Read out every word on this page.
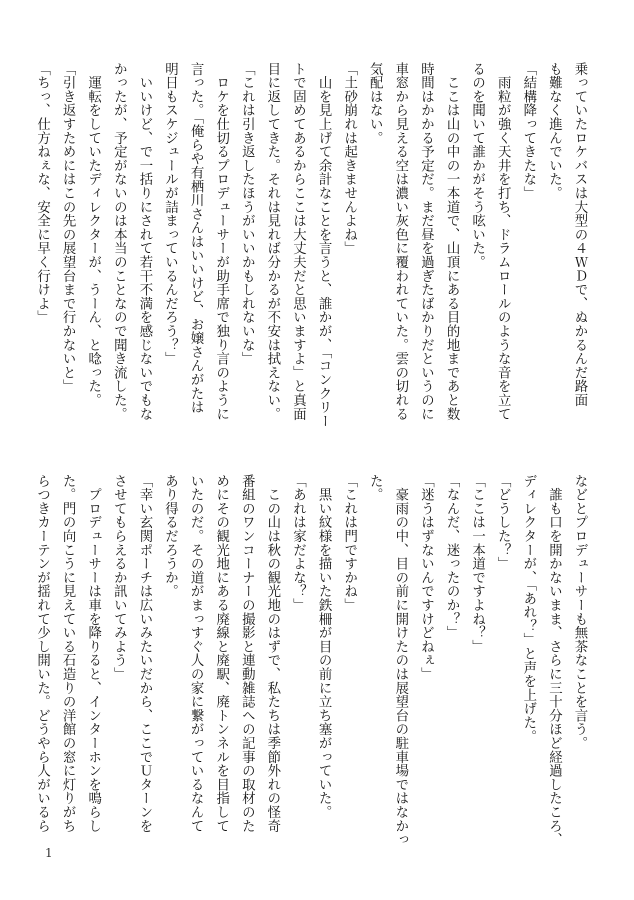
乗っていたロケバスは大型の４ＷＤで、ぬかるんだ路面

も難なく進んでいた。

「結構降ってきたな」

　雨粒が強く天井を打ち、ドラムロールのような音を立て

るのを聞いて誰かがそう呟いた。

　ここは山の中の一本道で、山頂にある目的地まであと数

時間はかかる予定だ。まだ昼を過ぎたばかりだというのに

車窓から見える空は濃い灰色に覆われていた。雲の切れる

気配はない。

「土砂崩れは起きませんよね」

　山を見上げて余計なことを言うと、誰かが、「コンクリー

トで固めてあるからここは大丈夫だと思いますよ」と真面

目に返してきた。それは見れば分かるが不安は拭えない。

「これは引き返したほうがいいかもしれないな」

　ロケを仕切るプロデューサーが助手席で独り言のように

言った。「俺らや有栖川さんはいいけど、お嬢さんがたは

明日もスケジュールが詰まっているんだろう？」

　いいけど、で一括りにされて若干不満を感じないでもな

かったが、予定がないのは本当のことなので聞き流した。

　運転をしていたディレクターが、うーん、と唸った。

「引き返すためにはこの先の展望台まで行かないと」

「ちっ、仕方ねぇな、安全に早く行けよ」

などとプロデューサーも無茶なことを言う。

　誰も口を開かないまま、さらに三十分ほど経過したころ、

ディレクターが、「あれ？」と声を上げた。

「どうした？」

「ここは一本道ですよね？」

「なんだ、迷ったのか？」

「迷うはずないんですけどねぇ」

　豪雨の中、目の前に開けたのは展望台の駐車場ではなかっ

た。

「これは門ですかね」

　黒い紋様を描いた鉄柵が目の前に立ち塞がっていた。

「あれは家だよな？」

　この山は秋の観光地のはずで、私たちは季節外れの怪奇

番組のワンコーナーの撮影と連動雑誌への記事の取材のた

めにその観光地にある廃線と廃駅、廃トンネルを目指して

いたのだ。その道がまっすぐ人の家に繋がっているなんて

あり得るだろうか。

「幸い玄関ポーチは広いみたいだから、ここでＵターンを

させてもらえるか訊いてみよう」

　プロデューサーは車を降りると、インターホンを鳴らし

た。門の向こうに見えている石造りの洋館の窓に灯りがち

らつきカーテンが揺れて少し開いた。どうやら人がいるら

1
